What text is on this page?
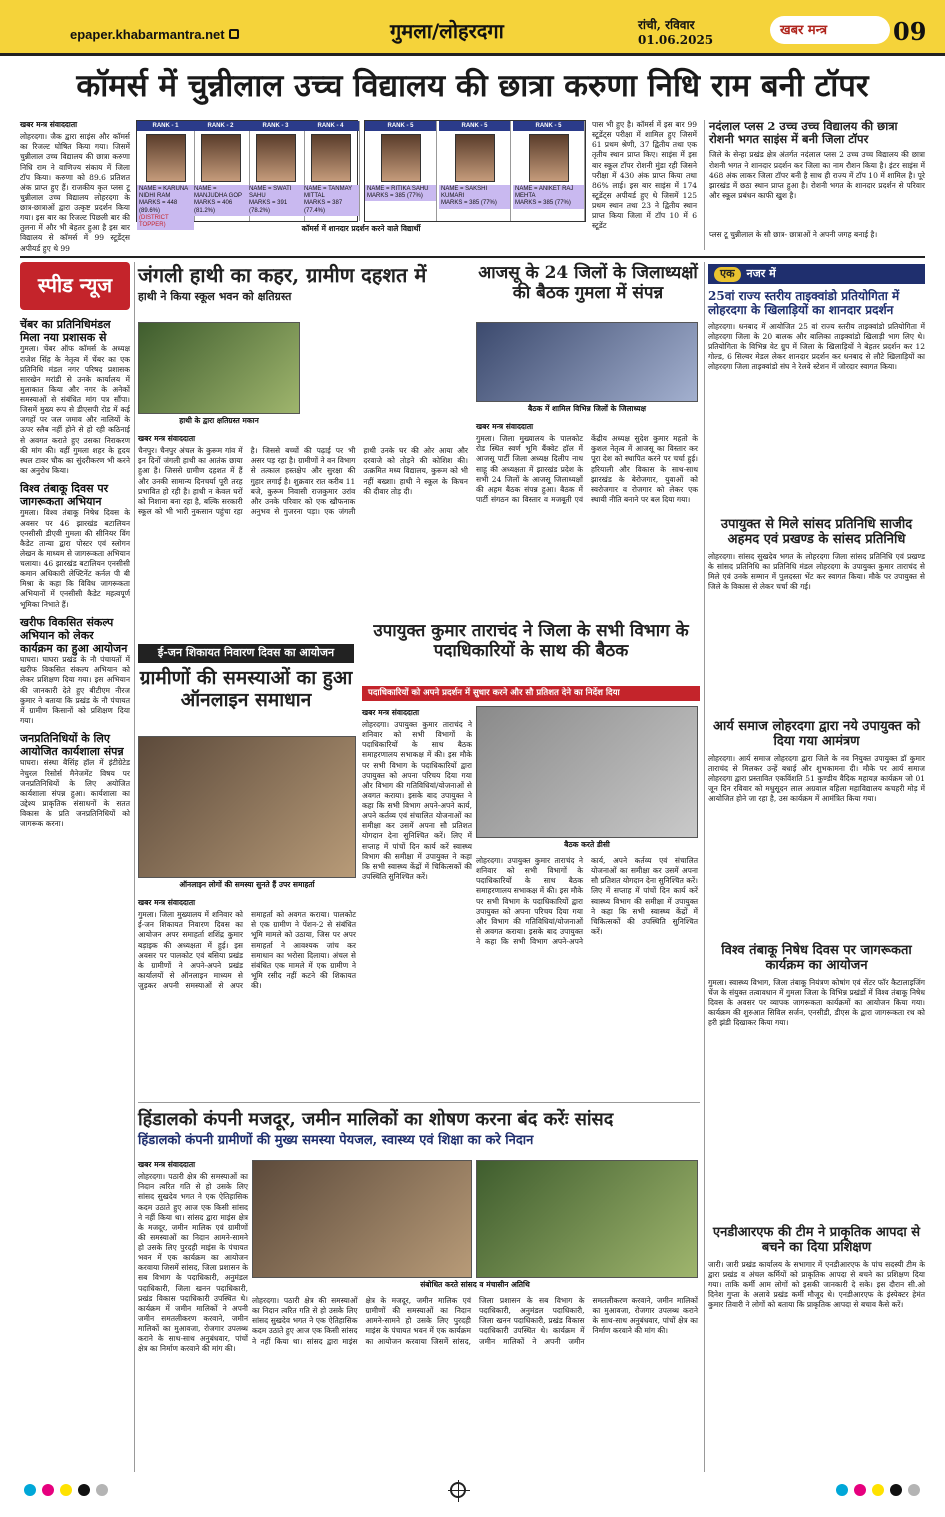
epaper.khabarmantra.net	गुमला/लोहरदगा	रांची, रविवार
01.06.2025
खबर मन्त्र	09
कॉमर्स में चुन्नीलाल उच्च विद्यालय की छात्रा करुणा निधि राम बनी टॉपर
खबर मन्त्र संवाददाता
लोहरदगा। जैक द्वारा साइंस और कॉमर्स का रिजल्ट घोषित किया गया। जिसमें चुन्नीलाल उच्च विद्यालय की छात्रा करुणा निधि राम ने वाणिज्य संकाय में जिला टॉप किया। करुणा को 89.6 प्रतिशत अंक प्राप्त हुए हैं। राजकीय कृत प्लस टू चुन्नीलाल उच्च विद्यालय लोहरदगा के छात्र-छात्राओं द्वारा उत्कृष्ट प्रदर्शन किया गया। इस बार का रिजल्ट पिछली बार की तुलना में और भी बेहतर हुआ है इस बार विद्यालय से कॉमर्स में 99 स्टूडेंट्स अपीयर्ड हुए थे 99
RANK - 1
NAME = KARUNA NIDHI RAM
MARKS = 448 (89.6%)
(DISTRICT TOPPER)
RANK - 2
NAME = MANJUDHA GOP
MARKS = 406 (81.2%)
RANK - 3
NAME = SWATI SAHU
MARKS = 391 (78.2%)
RANK - 4
NAME = TANMAY MITTAL
MARKS = 387 (77.4%)
RANK - 5
NAME = RITIKA SAHU
MARKS = 385 (77%)
RANK - 5
NAME = SAKSHI KUMARI
MARKS = 385 (77%)
RANK - 5
NAME = ANIKET RAJ MEHTA
MARKS = 385 (77%)
कॉमर्स में शानदार प्रदर्शन करने वाले विद्यार्थी
पास भी हुए है। कॉमर्स में इस बार 99 स्टूडेंट्स परीक्षा में शामिल हुए जिसमें 61 प्रथम श्रेणी, 37 द्वितीय तथा एक तृतीय स्थान प्राप्त किए। साइंस में इस बार स्कूल टॉपर रोशनी मुंडा रही जिसने परीक्षा में 430 अंक प्राप्त किया तथा 86% लाई। इस बार साइंस में 174 स्टूडेंट्स अपीयर्ड हुए थे जिसमें 125 प्रथम स्थान तथा 23 ने द्वितीय स्थान प्राप्त किया जिला में टॉप 10 में 6 स्टूडेंट
नदंलाल प्लस 2 उच्च उच्च विद्यालय की छात्रा रोशनी भगत साइंस में बनी जिला टॉपर
जिले के सेन्हा प्रखंड क्षेत्र अंतर्गत नदंलाल प्लस 2 उच्च उच्च विद्यालय की छात्रा रोशनी भगत ने शानदार प्रदर्शन कर जिला का नाम रौशन किया है। इंटर साइंस में 468 अंक लाकर जिला टॉपर बनी है साथ ही राज्य में टॉप 10 में शामिल है। पूरे झारखंड में छठा स्थान प्राप्त हुआ है। रोशनी भगत के शानदार प्रदर्शन से परिवार और स्कूल प्रबंधन काफी खुश है।
प्लस टू चुन्नीलाल के सौ छात्र- छात्राओं ने अपनी जगह बनाई है।
स्पीड न्यूज
चेंबर का प्रतिनिधिमंडल मिला नया प्रशासक से
गुमला। चेंबर ऑफ कॉमर्स के अध्यक्ष राजेश सिंह के नेतृत्व में चेंबर का एक प्रतिनिधि मंडल नगर परिषद प्रशासक सारखेन मरांडी से उनके कार्यालय में मुलाकात किया और नगर के अनेकों समस्याओं से संबंधित मांग पत्र सौंपा। जिसमें मुख्य रूप से डीएसपी रोड में कई जगहों पर जल जमाव और नालियों के ऊपर स्लैब नहीं होने से हो रही कठिनाई से अवगत कराते हुए उसका निराकरण की मांग की। वहीं गुमला शहर के हृदय स्थल टावर चौक का सुंदरीकरण भी करने का अनुरोध किया।
विश्व तंबाकू दिवस पर जागरूकता अभियान
गुमला। विश्व तंबाकू निषेध दिवस के अवसर पर 46 झारखंड बटालियन एनसीसी डीएवी गुमला की सीनियर विंग कैडेट तान्या द्वारा पोस्टर एवं स्लोगन लेखन के माध्यम से जागरूकता अभियान चलाया। 46 झारखंड बटालियन एनसीसी कमान अधिकारी लेफ्टिनेंट कर्नल पी बी मिश्रा के कहा कि विविध जागरूकता अभियानों में एनसीसी कैडेट महत्वपूर्ण भूमिका निभाते हैं।
खरीफ विकसित संकल्प अभियान को लेकर कार्यक्रम का हुआ आयोजन
घाघरा। घाघरा प्रखंड के नौ पंचायतों में खरीफ विकसित संकल्प अभियान को लेकर प्रशिक्षण दिया गया। इस अभियान की जानकारी देते हुए बीटीएम नीरज कुमार ने बताया कि प्रखंड के नौ पंचायत में ग्रामीण किसानों को प्रशिक्षण दिया गया।
जनप्रतिनिधियों के लिए आयोजित कार्यशाला संपन्न
घाघरा। संस्था बैसिंह हॉल में इंटीग्रेटेड नेचुरल रिसोर्स मैनेजमेंट विषय पर जनप्रतिनिधियों के लिए अयोजित कार्यशाला संपन्न हुआ। कार्यशाला का उद्देश्य प्राकृतिक संसाधनों के सतत विकास के प्रति जनप्रतिनिधियों को जागरूक करना।
जंगली हाथी का कहर, ग्रामीण दहशत में
हाथी ने किया स्कूल भवन को क्षतिग्रस्त
हाथी के द्वारा क्षतिग्रस्त मकान
खबर मन्त्र संवाददाता
चैनपुर। चैनपुर अंचल के कुरूम गांव में इन दिनों जंगली हाथी का आतंक छाया हुआ है। जिससे ग्रामीण दहशत में हैं और उनकी सामान्य दिनचर्या पूरी तरह प्रभावित हो रही है। हाथी न केवल घरों को निशाना बना रहा है, बल्कि सरकारी स्कूल को भी भारी नुकसान पहुंचा रहा है। जिससे बच्चों की पढ़ाई पर भी असर पड़ रहा है। ग्रामीणों ने वन विभाग से तत्काल हस्तक्षेप और सुरक्षा की गुहार लगाई है। शुक्रवार रात करीब 11 बजे, कुरूम निवासी राजकुमार उरांव और उनके परिवार को एक खौफनाक अनुभव से गुजरना पड़ा। एक जंगली हाथी उनके घर की ओर आया और दरवाजे को तोड़ने की कोशिश की। उत्क्रमित मध्य विद्यालय, कुरूम को भी नहीं बख्शा। हाथी ने स्कूल के किचन की दीवार तोड़ दी।
आजसू के 24 जिलों के जिलाध्यक्षों की बैठक गुमला में संपन्न
बैठक में शामिल विभिन्न जिलों के जिलाध्यक्ष
खबर मन्त्र संवाददाता
गुमला। जिला मुख्यालय के पालकोट रोड स्थित स्वर्ण भूमि बैंक्वेट हॉल में आजसू पार्टी जिला अध्यक्ष दिलीप नाथ साहू की अध्यक्षता में झारखंड प्रदेश के सभी 24 जिलों के आजसू जिलाध्यक्षों की अहम बैठक संपन्न हुआ। बैठक में पार्टी संगठन का विस्तार व मजबूती एवं केंद्रीय अध्यक्ष सुदेश कुमार महतो के कुशल नेतृत्व में आजसू का विस्तार कर पूरा देश को स्थापित करने पर चर्चा हुई। हरियाली और विकास के साथ-साथ झारखंड के बेरोजगार, युवाओं को स्वरोजगार व रोजगार को लेकर एक स्थायी नीति बनाने पर बल दिया गया।
ई-जन शिकायत निवारण दिवस का आयोजन
ग्रामीणों की समस्याओं का हुआ ऑनलाइन समाधान
ऑनलाइन लोगों की समस्या सुनते हैं उपर समाहर्ता
खबर मन्त्र संवाददाता
गुमला। जिला मुख्यालय में शनिवार को ई-जन शिकायत निवारण दिवस का आयोजन अपर समाहर्ता शशिंद्र कुमार बड़ाइक की अध्यक्षता में हुई। इस अवसर पर पालकोट एवं बसिया प्रखंड के ग्रामीणों ने अपने-अपने प्रखंड कार्यालयों से ऑनलाइन माध्यम से जुड़कर अपनी समस्याओं से अपर समाहर्ता को अवगत कराया। पालकोट से एक ग्रामीण ने पेंशन-2 से संबंधित भूमि मामले को उठाया, जिस पर अपर समाहर्ता ने आवश्यक जांच कर समाधान का भरोसा दिलाया। अंचल से संबंधित एक मामले में एक ग्रामीण ने भूमि रसीद नहीं कटने की शिकायत की।
उपायुक्त कुमार ताराचंद ने जिला के सभी विभाग के पदाधिकारियों के साथ की बैठक
पदाधिकारियों को अपने प्रदर्शन में सुधार करने और सौ प्रतिशत देने का निर्देश दिया
खबर मन्त्र संवाददाता
बैठक करते डीसी
लोहरदगा। उपायुक्त कुमार ताराचंद ने शनिवार को सभी विभागों के पदाधिकारियों के साथ बैठक समाहरणालय सभाकक्ष में की। इस मौके पर सभी विभाग के पदाधिकारियों द्वारा उपायुक्त को अपना परिचय दिया गया और विभाग की गतिविधियां/योजनाओं से अवगत कराया। इसके बाद उपायुक्त ने कहा कि सभी विभाग अपने-अपने कार्य, अपने कर्तव्य एवं संचालित योजनाओं का समीक्षा कर उसमें अपना सौ प्रतिशत योगदान देना सुनिश्चित करें। लिए में सप्ताह में पांचों दिन कार्य करें स्वास्थ्य विभाग की समीक्षा में उपायुक्त ने कहा कि सभी स्वास्थ्य केंद्रों में चिकित्सकों की उपस्थिति सुनिश्चित करें।
लोहरदगा। उपायुक्त कुमार ताराचंद ने शनिवार को सभी विभागों के पदाधिकारियों के साथ बैठक समाहरणालय सभाकक्ष में की। इस मौके पर सभी विभाग के पदाधिकारियों द्वारा उपायुक्त को अपना परिचय दिया गया और विभाग की गतिविधियां/योजनाओं से अवगत कराया। इसके बाद उपायुक्त ने कहा कि सभी विभाग अपने-अपने कार्य, अपने कर्तव्य एवं संचालित योजनाओं का समीक्षा कर उसमें अपना सौ प्रतिशत योगदान देना सुनिश्चित करें। लिए में सप्ताह में पांचों दिन कार्य करें स्वास्थ्य विभाग की समीक्षा में उपायुक्त ने कहा कि सभी स्वास्थ्य केंद्रों में चिकित्सकों की उपस्थिति सुनिश्चित करें।
हिंडालको कंपनी मजदूर, जमीन मालिकों का शोषण करना बंद करेंः सांसद
हिंडालको कंपनी ग्रामीणों की मुख्य समस्या पेयजल, स्वास्थ्य एवं शिक्षा का करे निदान
खबर मन्त्र संवाददाता
लोहरदगा। पठारी क्षेत्र की समस्याओं का निदान त्वरित गति से हो उसके लिए सांसद सुखदेव भगत ने एक ऐतिहासिक कदम उठाते हुए आज एक किसी सांसद ने नहीं किया था। सांसद द्वारा माइंस क्षेत्र के मजदूर, जमीन मालिक एवं ग्रामीणों की समस्याओं का निदान आमने-सामने हो उसके लिए पुरदही माइंस के पंचायत भवन में एक कार्यक्रम का आयोजन करवाया जिसमें सांसद, जिला प्रशासन के सब विभाग के पदाधिकारी, अनुमंडल पदाधिकारी, जिला खनन पदाधिकारी, प्रखंड विकास पदाधिकारी उपस्थित थे। कार्यक्रम में जमीन मालिकों ने अपनी जमीन समतलीकरण करवाने, जमीन मालिकों का मुआवजा, रोजगार उपलब्ध कराने के साथ-साथ अनुबंधवार, पांचों क्षेत्र का निर्माण करवाने की मांग की।
संबोधित करते सांसद व मंचासीन अतिथि
लोहरदगा। पठारी क्षेत्र की समस्याओं का निदान त्वरित गति से हो उसके लिए सांसद सुखदेव भगत ने एक ऐतिहासिक कदम उठाते हुए आज एक किसी सांसद ने नहीं किया था। सांसद द्वारा माइंस क्षेत्र के मजदूर, जमीन मालिक एवं ग्रामीणों की समस्याओं का निदान आमने-सामने हो उसके लिए पुरदही माइंस के पंचायत भवन में एक कार्यक्रम का आयोजन करवाया जिसमें सांसद, जिला प्रशासन के सब विभाग के पदाधिकारी, अनुमंडल पदाधिकारी, जिला खनन पदाधिकारी, प्रखंड विकास पदाधिकारी उपस्थित थे। कार्यक्रम में जमीन मालिकों ने अपनी जमीन समतलीकरण करवाने, जमीन मालिकों का मुआवजा, रोजगार उपलब्ध कराने के साथ-साथ अनुबंधवार, पांचों क्षेत्र का निर्माण करवाने की मांग की।
एक नजर में
25वां राज्य स्तरीय ताइक्वांडो प्रतियोगिता में लोहरदगा के खिलाड़ियों का शानदार प्रदर्शन
लोहरदगा। धनबाद में आयोजित 25 वां राज्य स्तरीय ताइक्वांडो प्रतियोगिता में लोहरदगा जिला के 20 बालक और बालिका ताइक्वांडो खिलाड़ी भाग लिए थे। प्रतियोगिता के विभिन्न वेट ग्रुप में जिला के खिलाड़ियों ने बेहतर प्रदर्शन कर 12 गोल्ड, 6 सिल्वर मेडल लेकर शानदार प्रदर्शन कर धनबाद से लौटे खिलाड़ियों का लोहरदगा जिला ताइक्वांडो संघ ने रेलवे स्टेशन में जोरदार स्वागत किया।
उपायुक्त से मिले सांसद प्रतिनिधि साजीद अहमद एवं प्रखण्ड के सांसद प्रतिनिधि
लोहरदगा। सांसद सुखदेव भगत के लोहरदगा जिला सांसद प्रतिनिधि एवं प्रखण्ड के सांसद प्रतिनिधि का प्रतिनिधि मंडल लोहरदगा के उपायुक्त कुमार ताराचंद से मिले एवं उनके सम्मान में पुलदस्ता भेंट कर स्वागत किया। मौके पर उपायुक्त से जिले के विकास से लेकर चर्चा की गई।
आर्य समाज लोहरदगा द्वारा नये उपायुक्त को दिया गया आमंत्रण
लोहरदगा। आर्य समाज लोहरदगा द्वारा जिले के नव नियुक्त उपायुक्त डॉ कुमार ताराचंद से मिलकर उन्हें बधाई और शुभकामना दी। मौके पर आर्य समाज लोहरदगा द्वारा प्रस्तावित एकविंशति 51 कुण्डीय वैदिक महायज्ञ कार्यक्रम जो 01 जून दिन रविवार को मधुसूदन लाल अग्रवाल वहिला महाविद्यालय कचहरी मोड़ में आयोजित होने जा रहा है, उस कार्यक्रम में आमंत्रित किया गया।
विश्व तंबाकू निषेध दिवस पर जागरूकता कार्यक्रम का आयोजन
गुमला। स्वास्थ्य विभाग, जिला तंबाकू नियंत्रण कोषांग एवं सेंटर फॉर कैटालाइजिंग चेंज के संयुक्त तत्वावधान में गुमला जिला के विभिन्न प्रखंडों में विश्व तंबाकू निषेध दिवस के अवसर पर व्यापक जागरूकता कार्यक्रमों का आयोजन किया गया। कार्यक्रम की शुरुआत सिविल सर्जन, एनसीडी, डीएस के द्वारा जागरूकता रथ को हरी झंडी दिखाकर किया गया।
एनडीआरएफ की टीम ने प्राकृतिक आपदा से बचने का दिया प्रशिक्षण
जारी। जारी प्रखंड कार्यालय के सभागार में एनडीआरएफ के पांच सदस्यी टीम के द्वारा प्रखंड व अंचल कर्मियों को प्राकृतिक आपदा से बचने का प्रशिक्षण दिया गया। ताकि कर्मी आम लोगों को इसकी जानकारी दे सके। इस दौरान सी.ओ दिनेश गुप्ता के अलावे प्रखंड कर्मी मौजूद थे। एनडीआरएफ के इंस्पेक्टर हेमंत कुमार तिवारी ने लोगों को बताया कि प्राकृतिक आपदा से बचाव कैसे करें।
